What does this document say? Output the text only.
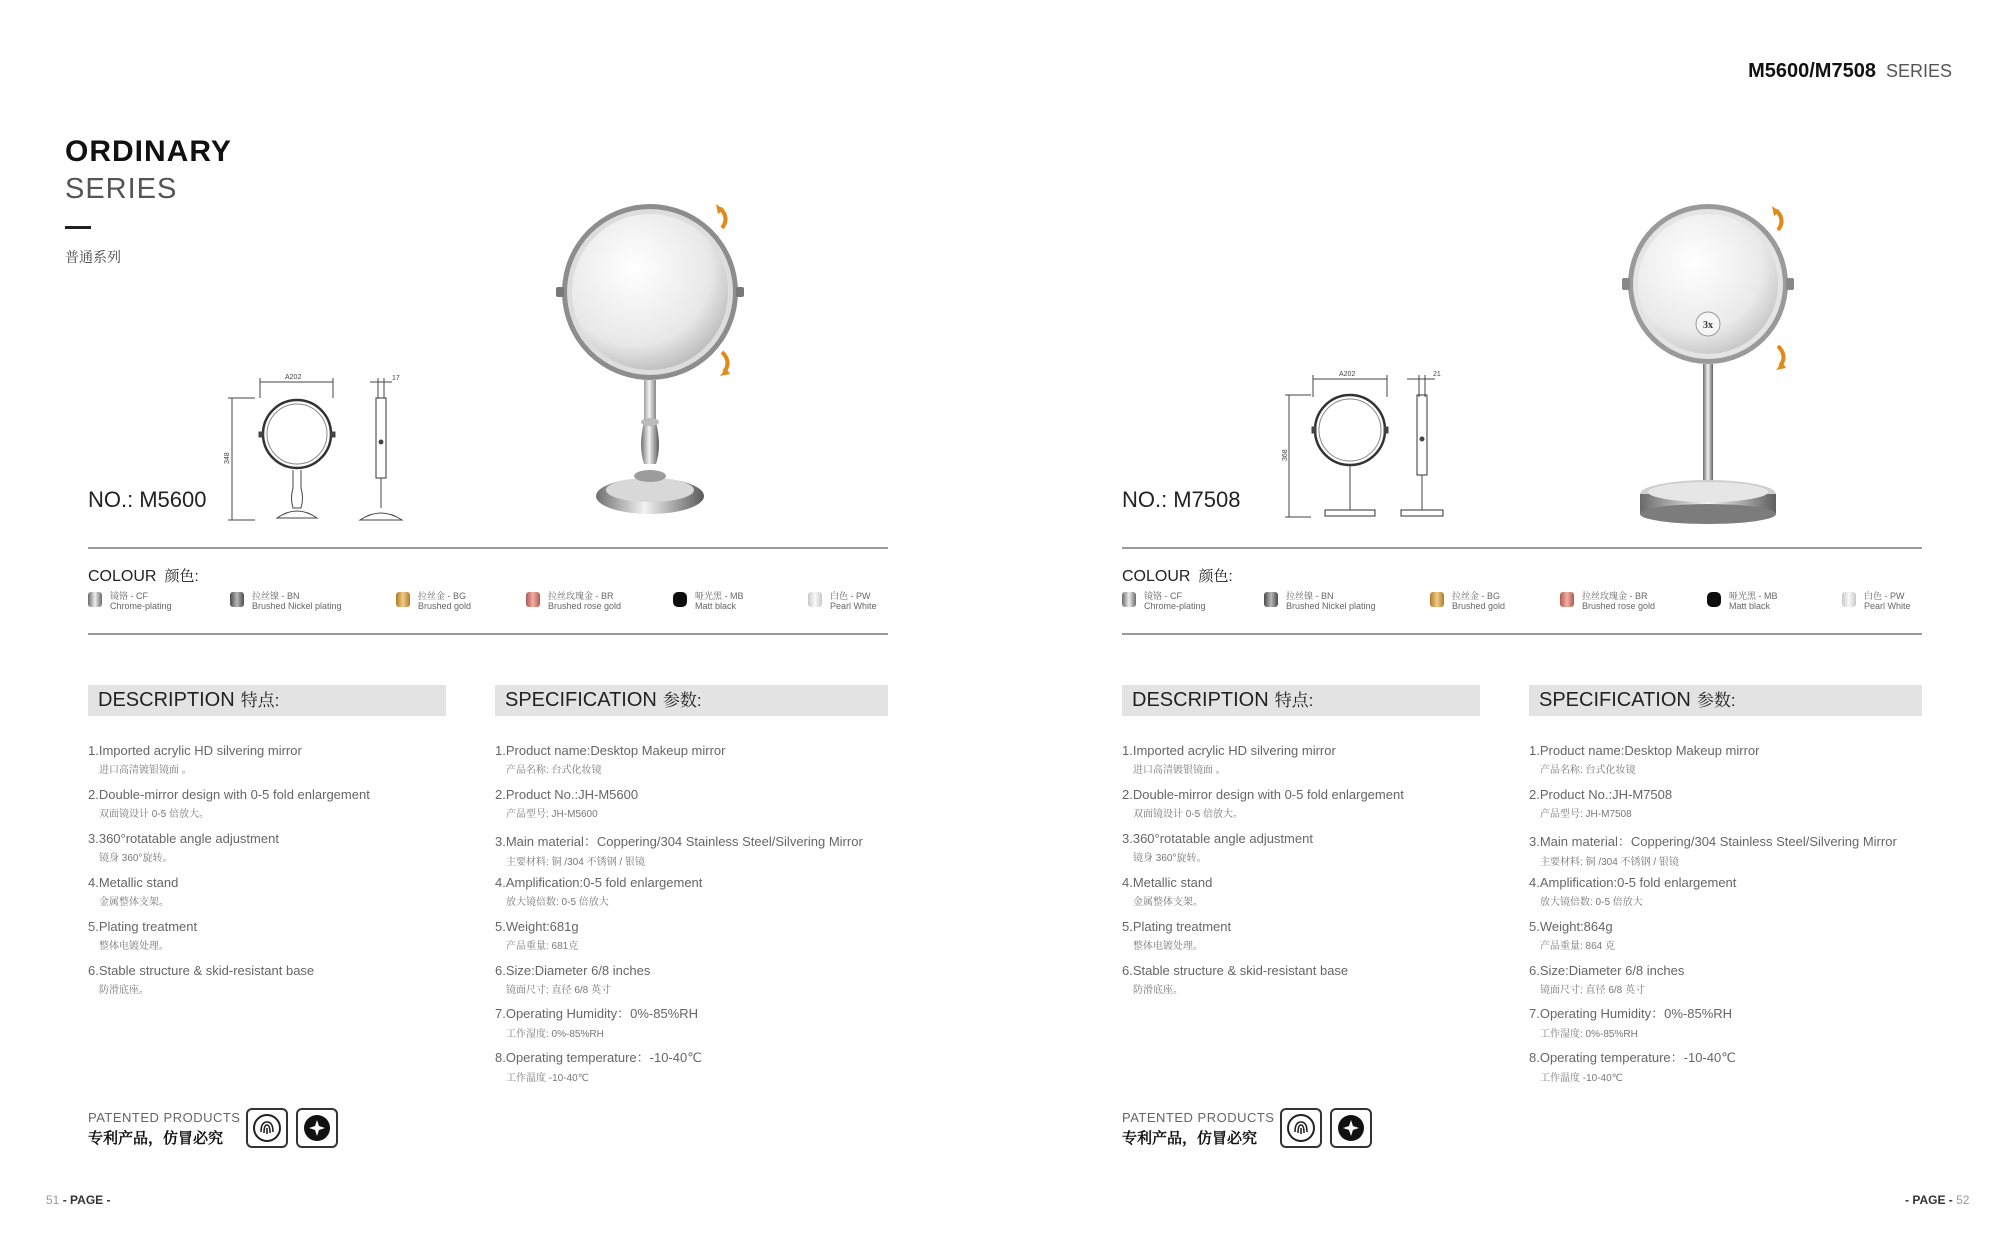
M5600/M7508 SERIES
ORDINARY
SERIES
普通系列
NO.: M5600
A202
348
17
COLOUR 颜色:
镜铬 - CF
Chrome-plating
拉丝镍 - BN
Brushed Nickel plating
拉丝金 - BG
Brushed gold
拉丝玫瑰金 - BR
Brushed rose gold
哑光黑 - MB
Matt black
白色 - PW
Pearl White
DESCRIPTION 特点:	SPECIFICATION 参数:
1.Imported acrylic HD silvering mirror
进口高清镀银镜面 。
2.Double-mirror design with 0-5 fold enlargement
双面镜设计 0-5 倍放大。
3.360°rotatable angle adjustment
镜身 360°旋转。
4.Metallic stand
金属整体支架。
5.Plating treatment
整体电镀处理。
6.Stable structure & skid-resistant base
防滑底座。
1.Product name:Desktop Makeup mirror
产品名称: 台式化妆镜
2.Product No.:JH-M5600
产品型号: JH-M5600
3.Main material：Coppering/304 Stainless Steel/Silvering Mirror
主要材料: 铜 /304 不锈钢 / 银镜
4.Amplification:0-5 fold enlargement
放大镜倍数: 0-5 倍放大
5.Weight:681g
产品重量: 681克
6.Size:Diameter 6/8 inches
镜面尺寸: 直径 6/8 英寸
7.Operating Humidity：0%-85%RH
工作湿度: 0%-85%RH
8.Operating temperature：-10-40℃
工作温度 -10-40℃
PATENTED PRODUCTS
专利产品，仿冒必究
51 - PAGE -
NO.: M7508
A202
368
21
3x
COLOUR 颜色:
镜铬 - CF
Chrome-plating
拉丝镍 - BN
Brushed Nickel plating
拉丝金 - BG
Brushed gold
拉丝玫瑰金 - BR
Brushed rose gold
哑光黑 - MB
Matt black
白色 - PW
Pearl White
DESCRIPTION 特点:	SPECIFICATION 参数:
1.Imported acrylic HD silvering mirror
进口高清镀银镜面 。
2.Double-mirror design with 0-5 fold enlargement
双面镜设计 0-5 倍放大。
3.360°rotatable angle adjustment
镜身 360°旋转。
4.Metallic stand
金属整体支架。
5.Plating treatment
整体电镀处理。
6.Stable structure & skid-resistant base
防滑底座。
1.Product name:Desktop Makeup mirror
产品名称: 台式化妆镜
2.Product No.:JH-M7508
产品型号: JH-M7508
3.Main material：Coppering/304 Stainless Steel/Silvering Mirror
主要材料: 铜 /304 不锈钢 / 银镜
4.Amplification:0-5 fold enlargement
放大镜倍数: 0-5 倍放大
5.Weight:864g
产品重量: 864 克
6.Size:Diameter 6/8 inches
镜面尺寸: 直径 6/8 英寸
7.Operating Humidity：0%-85%RH
工作湿度: 0%-85%RH
8.Operating temperature：-10-40℃
工作温度 -10-40℃
PATENTED PRODUCTS
专利产品，仿冒必究
- PAGE - 52
